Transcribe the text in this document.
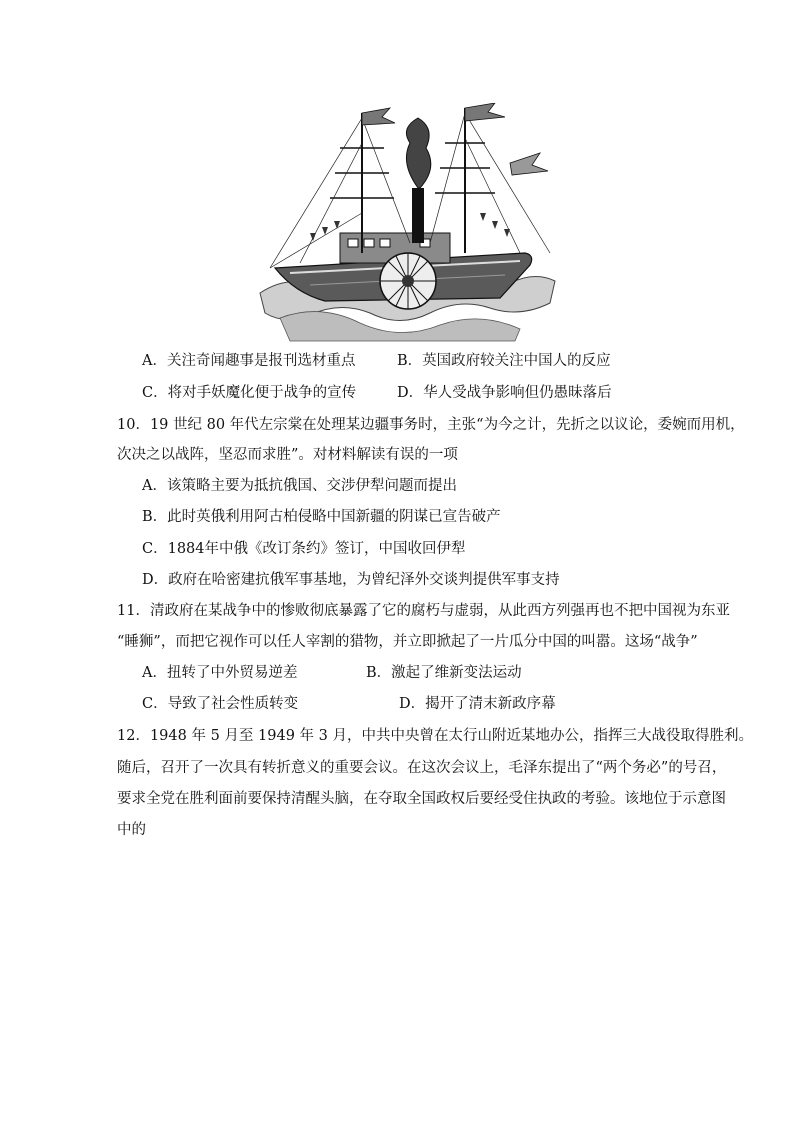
A．关注奇闻趣事是报刊选材重点	B．英国政府较关注中国人的反应
C．将对手妖魔化便于战争的宣传	D．华人受战争影响但仍愚昧落后
10．19 世纪 80 年代左宗棠在处理某边疆事务时，主张“为今之计，先折之以议论，委婉而用机，
次决之以战阵，坚忍而求胜”。对材料解读有误的一项
A．该策略主要为抵抗俄国、交涉伊犁问题而提出
B．此时英俄利用阿古柏侵略中国新疆的阴谋已宣告破产
C．1884年中俄《改订条约》签订，中国收回伊犁
D．政府在哈密建抗俄军事基地，为曾纪泽外交谈判提供军事支持
11．清政府在某战争中的惨败彻底暴露了它的腐朽与虚弱，从此西方列强再也不把中国视为东亚
“睡狮”，而把它视作可以任人宰割的猎物，并立即掀起了一片瓜分中国的叫嚣。这场“战争”
A．扭转了中外贸易逆差	B．激起了维新变法运动
C．导致了社会性质转变	D．揭开了清末新政序幕
12．1948 年 5 月至 1949 年 3 月，中共中央曾在太行山附近某地办公，指挥三大战役取得胜利。
随后，召开了一次具有转折意义的重要会议。在这次会议上，毛泽东提出了“两个务必”的号召，
要求全党在胜利面前要保持清醒头脑，在夺取全国政权后要经受住执政的考验。该地位于示意图
中的
